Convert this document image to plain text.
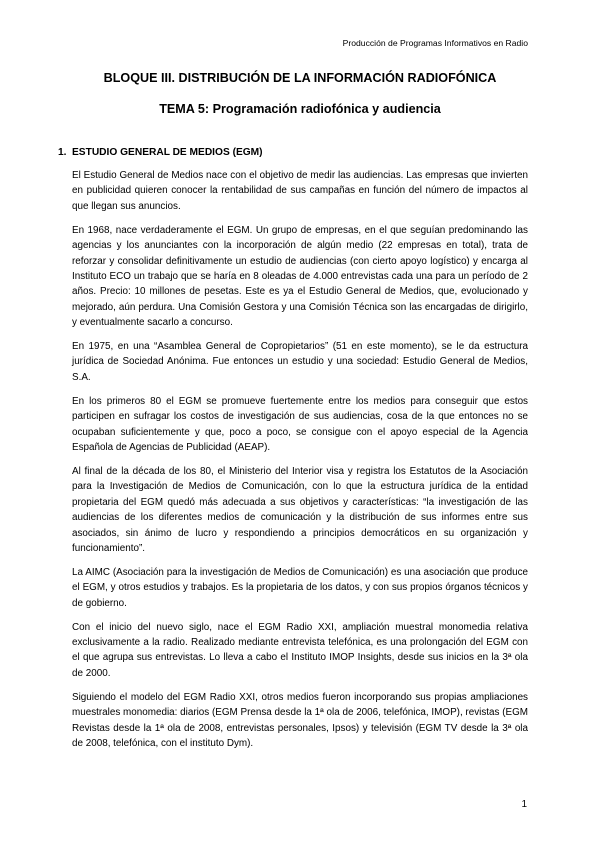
Producción de Programas Informativos en Radio
BLOQUE III. DISTRIBUCIÓN DE LA INFORMACIÓN RADIOFÓNICA
TEMA 5: Programación radiofónica y audiencia
1. ESTUDIO GENERAL DE MEDIOS (EGM)

El Estudio General de Medios nace con el objetivo de medir las audiencias. Las empresas que invierten en publicidad quieren conocer la rentabilidad de sus campañas en función del número de impactos al que llegan sus anuncios.

En 1968, nace verdaderamente el EGM. Un grupo de empresas, en el que seguían predominando las agencias y los anunciantes con la incorporación de algún medio (22 empresas en total), trata de reforzar y consolidar definitivamente un estudio de audiencias (con cierto apoyo logístico) y encarga al Instituto ECO un trabajo que se haría en 8 oleadas de 4.000 entrevistas cada una para un período de 2 años. Precio: 10 millones de pesetas. Este es ya el Estudio General de Medios, que, evolucionado y mejorado, aún perdura. Una Comisión Gestora y una Comisión Técnica son las encargadas de dirigirlo, y eventualmente sacarlo a concurso.

En 1975, en una “Asamblea General de Copropietarios” (51 en este momento), se le da estructura jurídica de Sociedad Anónima. Fue entonces un estudio y una sociedad: Estudio General de Medios, S.A.

En los primeros 80 el EGM se promueve fuertemente entre los medios para conseguir que estos participen en sufragar los costos de investigación de sus audiencias, cosa de la que entonces no se ocupaban suficientemente y que, poco a poco, se consigue con el apoyo especial de la Agencia Española de Agencias de Publicidad (AEAP).

Al final de la década de los 80, el Ministerio del Interior visa y registra los Estatutos de la Asociación para la Investigación de Medios de Comunicación, con lo que la estructura jurídica de la entidad propietaria del EGM quedó más adecuada a sus objetivos y características: “la investigación de las audiencias de los diferentes medios de comunicación y la distribución de sus informes entre sus asociados, sin ánimo de lucro y respondiendo a principios democráticos en su organización y funcionamiento”.

La AIMC (Asociación para la investigación de Medios de Comunicación) es una asociación que produce el EGM, y otros estudios y trabajos. Es la propietaria de los datos, y con sus propios órganos técnicos y de gobierno.

Con el inicio del nuevo siglo, nace el EGM Radio XXI, ampliación muestral monomedia relativa exclusivamente a la radio. Realizado mediante entrevista telefónica, es una prolongación del EGM con el que agrupa sus entrevistas. Lo lleva a cabo el Instituto IMOP Insights, desde sus inicios en la 3ª ola de 2000.

Siguiendo el modelo del EGM Radio XXI, otros medios fueron incorporando sus propias ampliaciones muestrales monomedia: diarios (EGM Prensa desde la 1ª ola de 2006, telefónica, IMOP), revistas (EGM Revistas desde la 1ª ola de 2008, entrevistas personales, Ipsos) y televisión (EGM TV desde la 3ª ola de 2008, telefónica, con el instituto Dym).

1
